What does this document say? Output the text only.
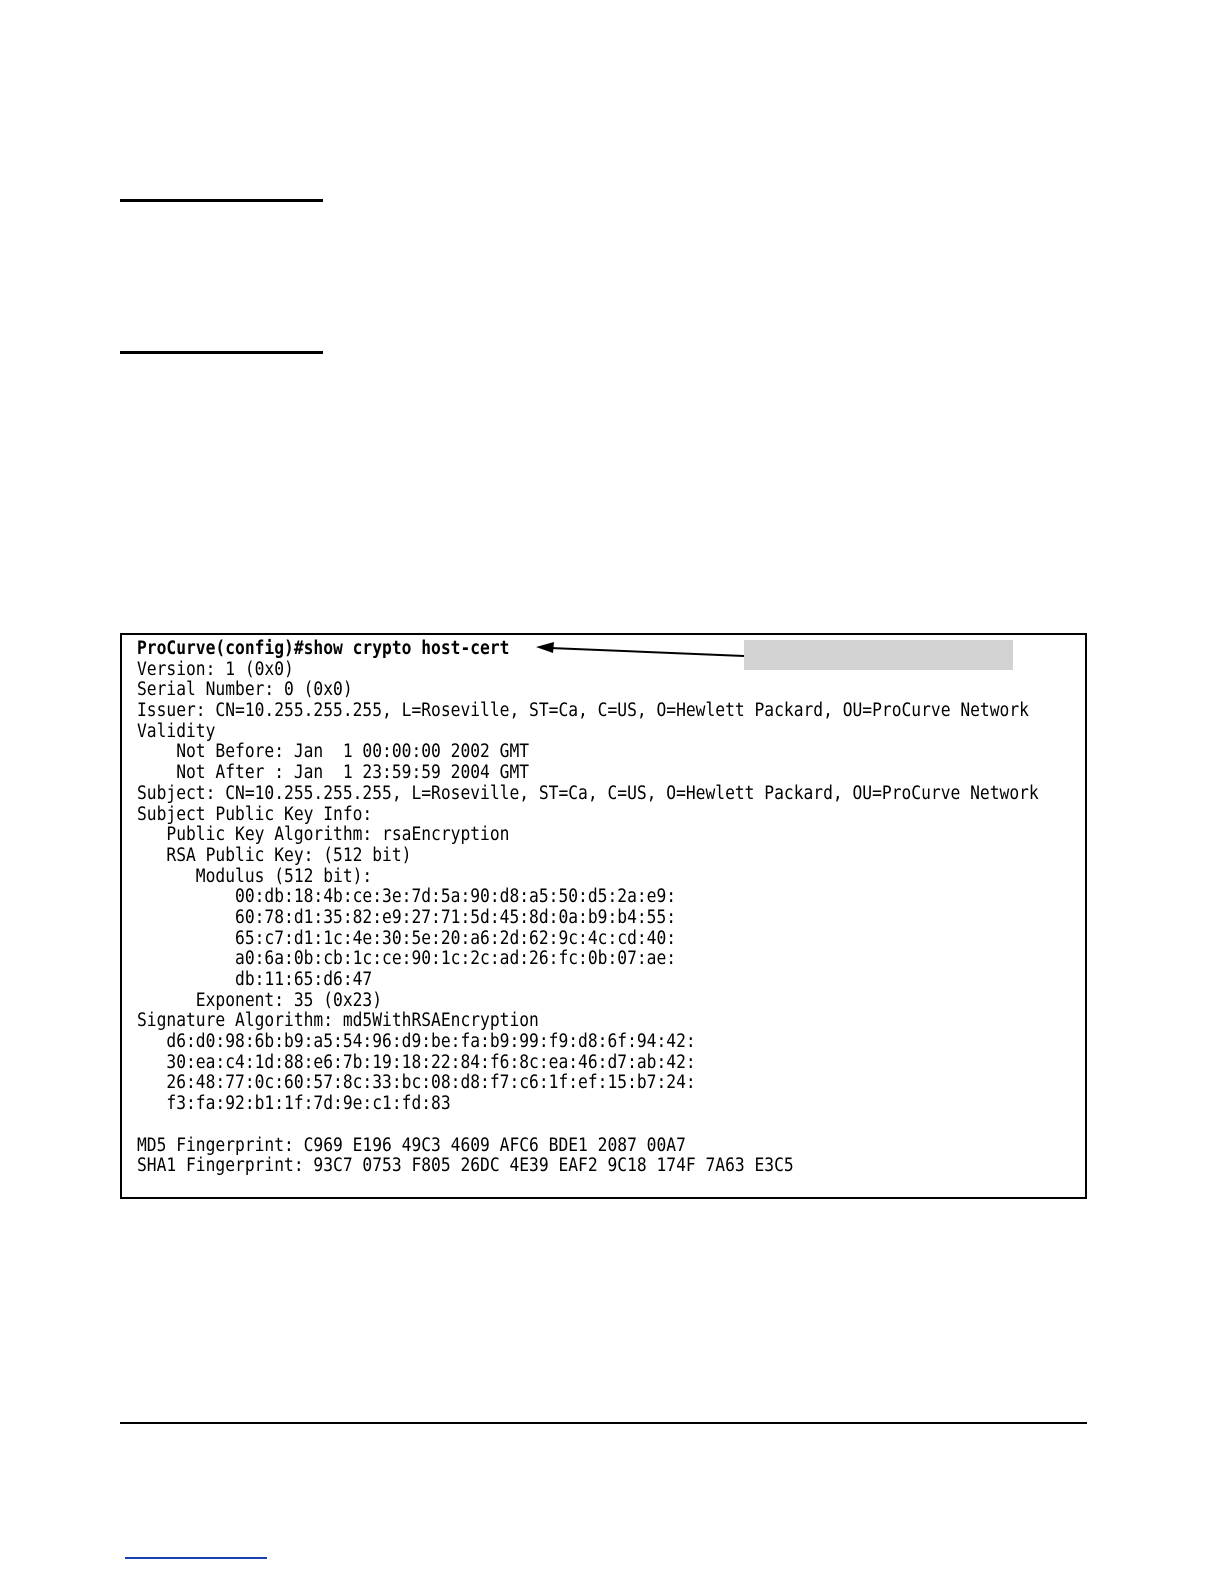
ProCurve(config)#show crypto host-cert
Version: 1 (0x0)
Serial Number: 0 (0x0)
Issuer: CN=10.255.255.255, L=Roseville, ST=Ca, C=US, O=Hewlett Packard, OU=ProCurve Network
Validity
Not Before: Jan  1 00:00:00 2002 GMT
Not After : Jan  1 23:59:59 2004 GMT
Subject: CN=10.255.255.255, L=Roseville, ST=Ca, C=US, O=Hewlett Packard, OU=ProCurve Network
Subject Public Key Info:
Public Key Algorithm: rsaEncryption
RSA Public Key: (512 bit)
Modulus (512 bit):
00:db:18:4b:ce:3e:7d:5a:90:d8:a5:50:d5:2a:e9:
60:78:d1:35:82:e9:27:71:5d:45:8d:0a:b9:b4:55:
65:c7:d1:1c:4e:30:5e:20:a6:2d:62:9c:4c:cd:40:
a0:6a:0b:cb:1c:ce:90:1c:2c:ad:26:fc:0b:07:ae:
db:11:65:d6:47
Exponent: 35 (0x23)
Signature Algorithm: md5WithRSAEncryption
d6:d0:98:6b:b9:a5:54:96:d9:be:fa:b9:99:f9:d8:6f:94:42:
30:ea:c4:1d:88:e6:7b:19:18:22:84:f6:8c:ea:46:d7:ab:42:
26:48:77:0c:60:57:8c:33:bc:08:d8:f7:c6:1f:ef:15:b7:24:
f3:fa:92:b1:1f:7d:9e:c1:fd:83
MD5 Fingerprint: C969 E196 49C3 4609 AFC6 BDE1 2087 00A7
SHA1 Fingerprint: 93C7 0753 F805 26DC 4E39 EAF2 9C18 174F 7A63 E3C5
